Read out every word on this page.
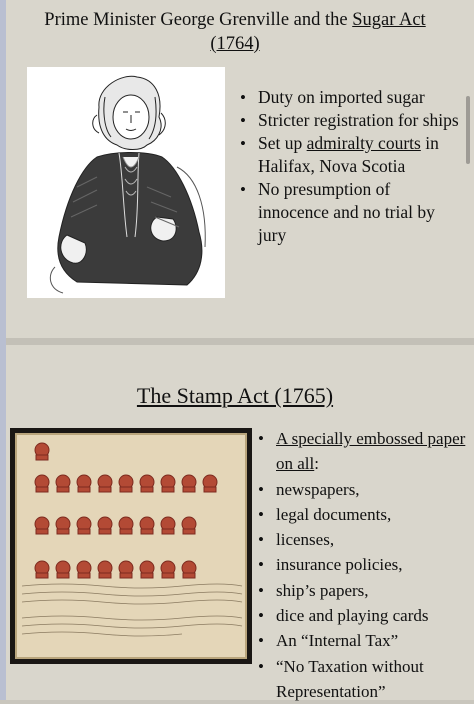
Prime Minister George Grenville and the Sugar Act
(1764)
• Duty on imported sugar
• Stricter registration for ships
• Set up admiralty courts in Halifax, Nova Scotia
• No presumption of innocence and no trial by jury
The Stamp Act (1765)
• A specially embossed paper on all:
• newspapers,
• legal documents,
• licenses,
• insurance policies,
• ship’s papers,
• dice and playing cards
• An “Internal Tax”
• “No Taxation without Representation”
